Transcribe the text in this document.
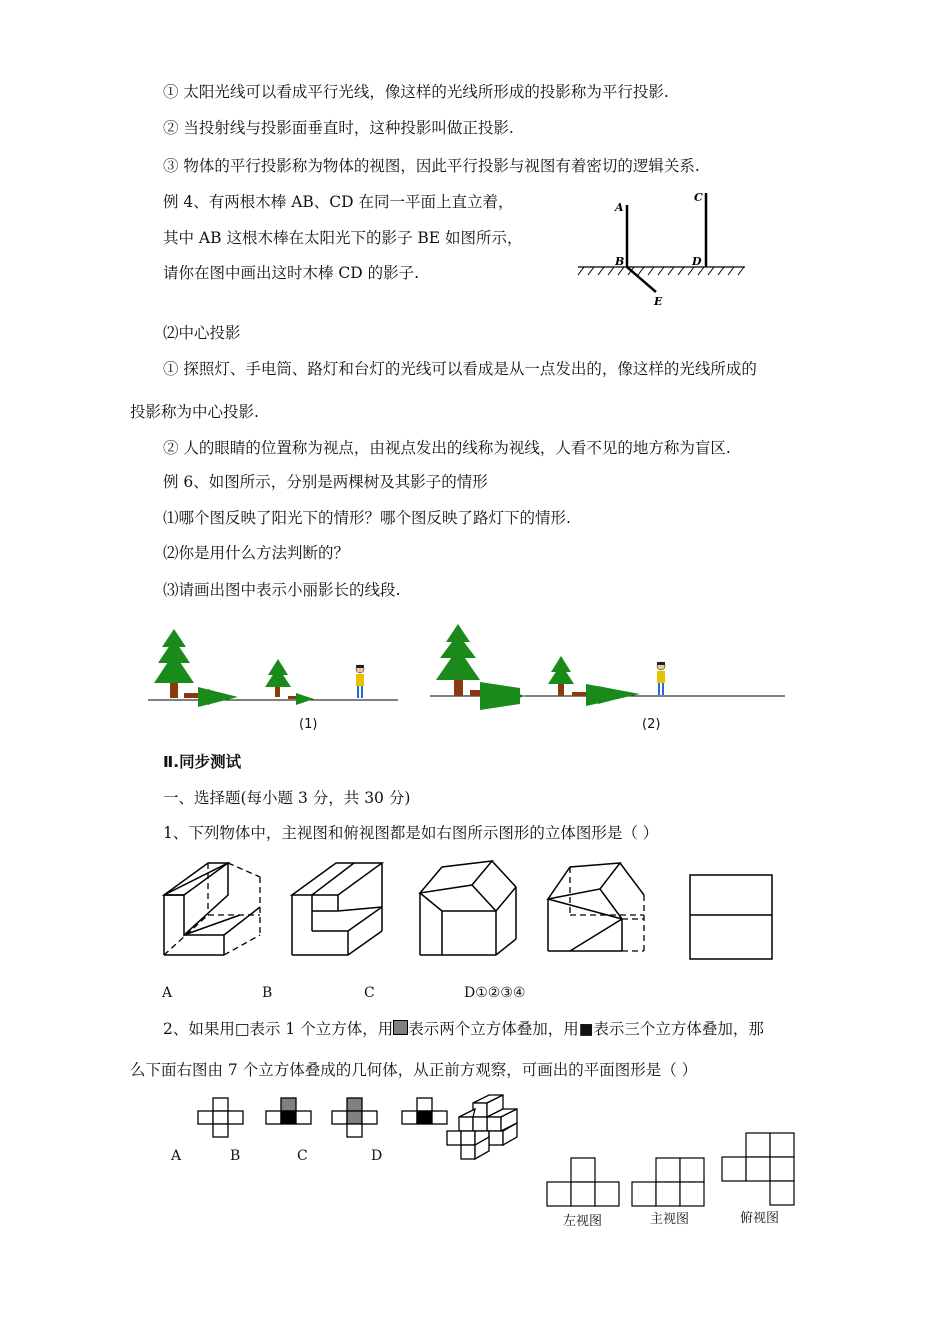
① 太阳光线可以看成平行光线，像这样的光线所形成的投影称为平行投影.
② 当投射线与投影面垂直时，这种投影叫做正投影.
③ 物体的平行投影称为物体的视图，因此平行投影与视图有着密切的逻辑关系.
例 4、有两根木棒 AB、CD 在同一平面上直立着，
其中 AB 这根木棒在太阳光下的影子 BE 如图所示，
请你在图中画出这时木棒 CD 的影子.
A
C
B	D
E
⑵中心投影
① 探照灯、手电筒、路灯和台灯的光线可以看成是从一点发出的，像这样的光线所成的
投影称为中心投影.
② 人的眼睛的位置称为视点，由视点发出的线称为视线，人看不见的地方称为盲区.
例 6、如图所示，分别是两棵树及其影子的情形
⑴哪个图反映了阳光下的情形？哪个图反映了路灯下的情形.
⑵你是用什么方法判断的？
⑶请画出图中表示小丽影长的线段.
(1)	(2)
Ⅱ.同步测试
一、选择题(每小题 3 分，共 30 分)
1、下列物体中，主视图和俯视图都是如右图所示图形的立体图形是（ ）
A	B	C	D①②③④
2、如果用□表示 1 个立方体，用 表示两个立方体叠加，用■表示三个立方体叠加，那
么下面右图由 7 个立方体叠成的几何体，从正前方观察，可画出的平面图形是（ ）
A	B	C	D
左视图	主视图	俯视图
